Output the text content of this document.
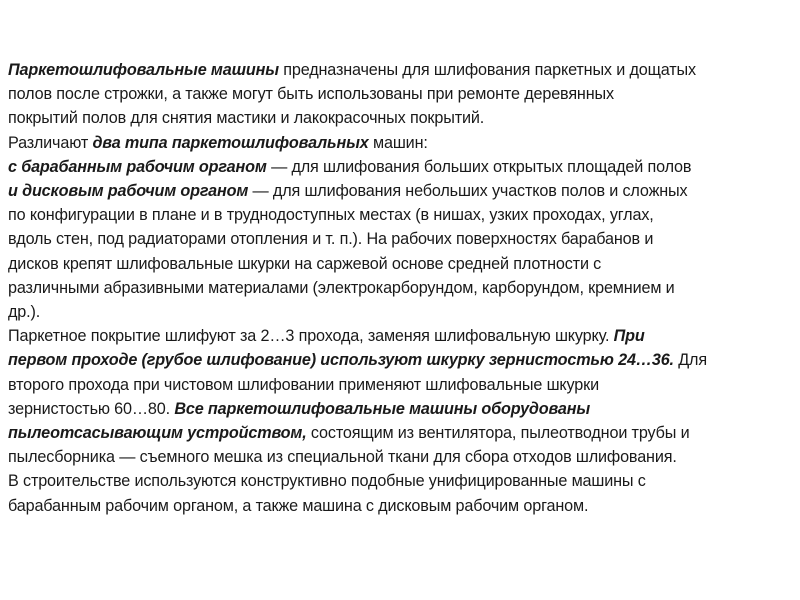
Паркетошлифовальные машины предназначены для шлифования паркетных и дощатых
полов после строжки, а также могут быть использованы при ремонте деревянных
покрытий полов для снятия мастики и лакокрасочных покрытий.
Различают два типа паркетошлифовальных машин:
с барабанным рабочим органом — для шлифования больших открытых площадей полов
и дисковым рабочим органом — для шлифования небольших участков полов и сложных
по конфигурации в плане и в труднодоступных местах (в нишах, узких проходах, углах,
вдоль стен, под радиаторами отопления и т. п.). На рабочих поверхностях барабанов и
дисков крепят шлифовальные шкурки на саржевой основе средней плотности с
различными абразивными материалами (электрокарборундом, карборундом, кремнием и
др.).
Паркетное покрытие шлифуют за 2…3 прохода, заменяя шлифовальную шкурку. При
первом проходе (грубое шлифование) используют шкурку зернистостью 24…36. Для
второго прохода при чистовом шлифовании применяют шлифовальные шкурки
зернистостью 60…80. Все паркетошлифовальные машины оборудованы
пылеотсасывающим устройством, состоящим из вентилятора, пылеотводнои трубы и
пылесборника — съемного мешка из специальной ткани для сбора отходов шлифования.
В строительстве используются конструктивно подобные унифицированные машины с
барабанным рабочим органом, а также машина с дисковым рабочим органом.
